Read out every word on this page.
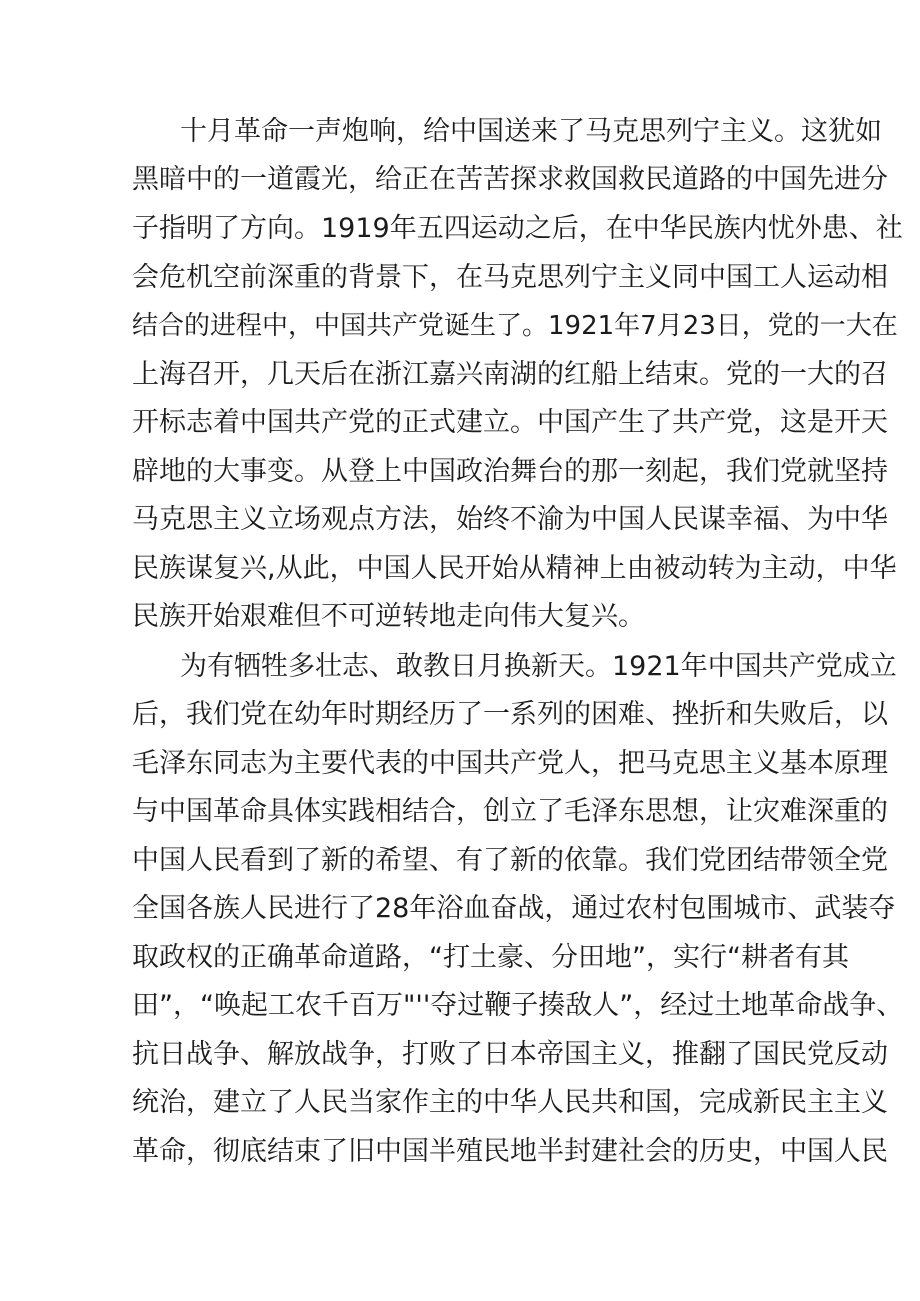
十月革命一声炮响，给中国送来了马克思列宁主义。这犹如
黑暗中的一道霞光，给正在苦苦探求救国救民道路的中国先进分
子指明了方向。1919年五四运动之后，在中华民族内忧外患、社
会危机空前深重的背景下，在马克思列宁主义同中国工人运动相
结合的进程中，中国共产党诞生了。1921年7月23日，党的一大在
上海召开，几天后在浙江嘉兴南湖的红船上结束。党的一大的召
开标志着中国共产党的正式建立。中国产生了共产党，这是开天
辟地的大事变。从登上中国政治舞台的那一刻起，我们党就坚持
马克思主义立场观点方法，始终不渝为中国人民谋幸福、为中华
民族谋复兴,从此，中国人民开始从精神上由被动转为主动，中华
民族开始艰难但不可逆转地走向伟大复兴。
为有牺牲多壮志、敢教日月换新天。1921年中国共产党成立
后，我们党在幼年时期经历了一系列的困难、挫折和失败后，以
毛泽东同志为主要代表的中国共产党人，把马克思主义基本原理
与中国革命具体实践相结合，创立了毛泽东思想，让灾难深重的
中国人民看到了新的希望、有了新的依靠。我们党团结带领全党
全国各族人民进行了28年浴血奋战，通过农村包围城市、武装夺
取政权的正确革命道路，“打土豪、分田地”，实行“耕者有其
田”，“唤起工农千百万"''夺过鞭子揍敌人”，经过土地革命战争、
抗日战争、解放战争，打败了日本帝国主义，推翻了国民党反动
统治，建立了人民当家作主的中华人民共和国，完成新民主主义
革命，彻底结束了旧中国半殖民地半封建社会的历史，中国人民
